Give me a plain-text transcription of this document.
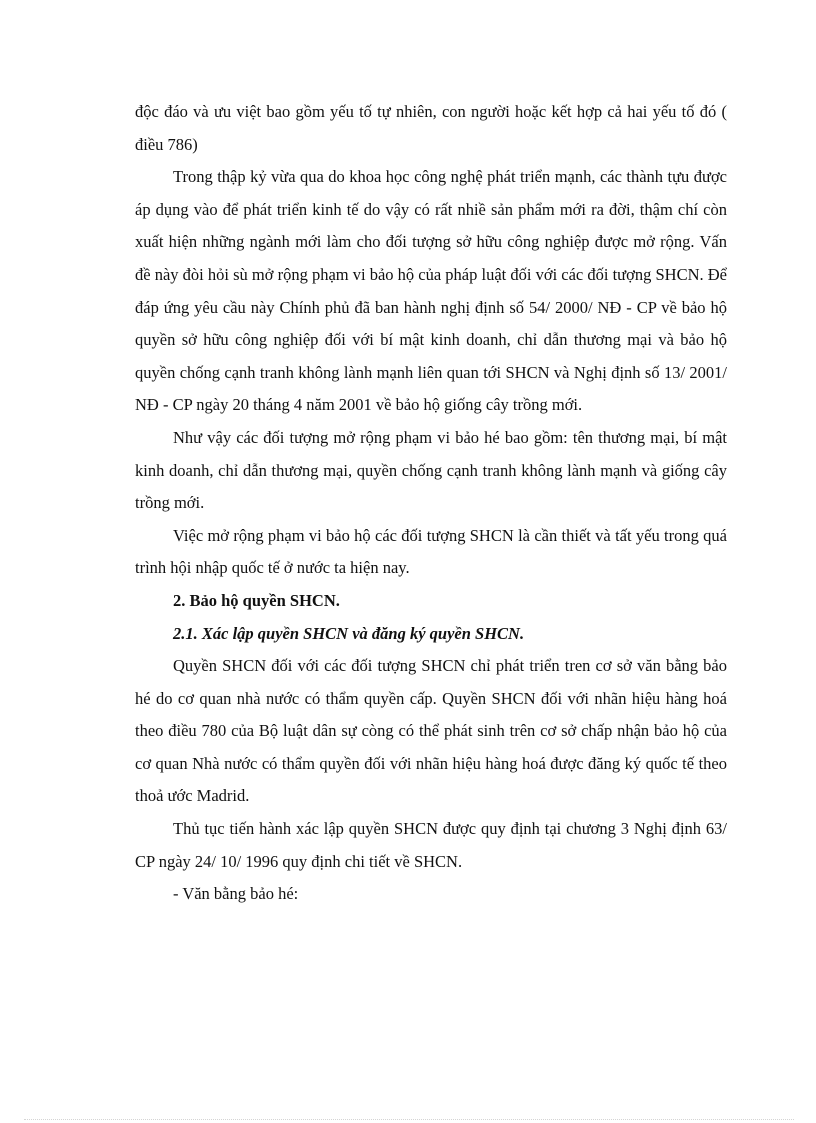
độc đáo và ưu việt bao gồm yếu tố tự nhiên, con người hoặc kết hợp cả hai yếu tố đó ( điều 786)

Trong thập kỷ vừa qua do khoa học công nghệ phát triển mạnh, các thành tựu được áp dụng vào để phát triển kinh tế do vậy có rất nhiề sản phẩm mới ra đời, thậm chí còn xuất hiện những ngành mới làm cho đối tượng sở hữu công nghiệp được mở rộng. Vấn đề này đòi hỏi sù mở rộng phạm vi bảo hộ của pháp luật đối với các đối tượng SHCN. Để đáp ứng yêu cầu này Chính phủ đã ban hành nghị định số 54/ 2000/ NĐ - CP về bảo hộ quyền sở hữu công nghiệp đối với bí mật kinh doanh, chỉ dẫn thương mại và bảo hộ quyền chống cạnh tranh không lành mạnh liên quan tới SHCN và Nghị định số 13/ 2001/ NĐ - CP ngày 20 tháng 4 năm 2001 về bảo hộ giống cây trồng mới.

Như vậy các đối tượng mở rộng phạm vi bảo hé bao gồm: tên thương mại, bí mật kinh doanh, chỉ dẫn thương mại, quyền chống cạnh tranh không lành mạnh và giống cây trồng mới.

Việc mở rộng phạm vi bảo hộ các đối tượng SHCN là cần thiết và tất yếu trong quá trình hội nhập quốc tế ở nước ta hiện nay.

2. Bảo hộ quyền SHCN.

2.1. Xác lập quyền SHCN và đăng ký quyền SHCN.

Quyền SHCN đối với các đối tượng SHCN chỉ phát triển tren cơ sở văn bằng bảo hé do cơ quan nhà nước có thẩm quyền cấp. Quyền SHCN đối với nhãn hiệu hàng hoá theo điều 780 của Bộ luật dân sự còng có thể phát sinh trên cơ sở chấp nhận bảo hộ của cơ quan Nhà nước có thẩm quyền đối với nhãn hiệu hàng hoá được đăng ký quốc tế theo thoả ước Madrid.

Thủ tục tiến hành xác lập quyền SHCN được quy định tại chương 3 Nghị định 63/ CP ngày 24/ 10/ 1996 quy định chi tiết về SHCN.

- Văn bằng bảo hé:
